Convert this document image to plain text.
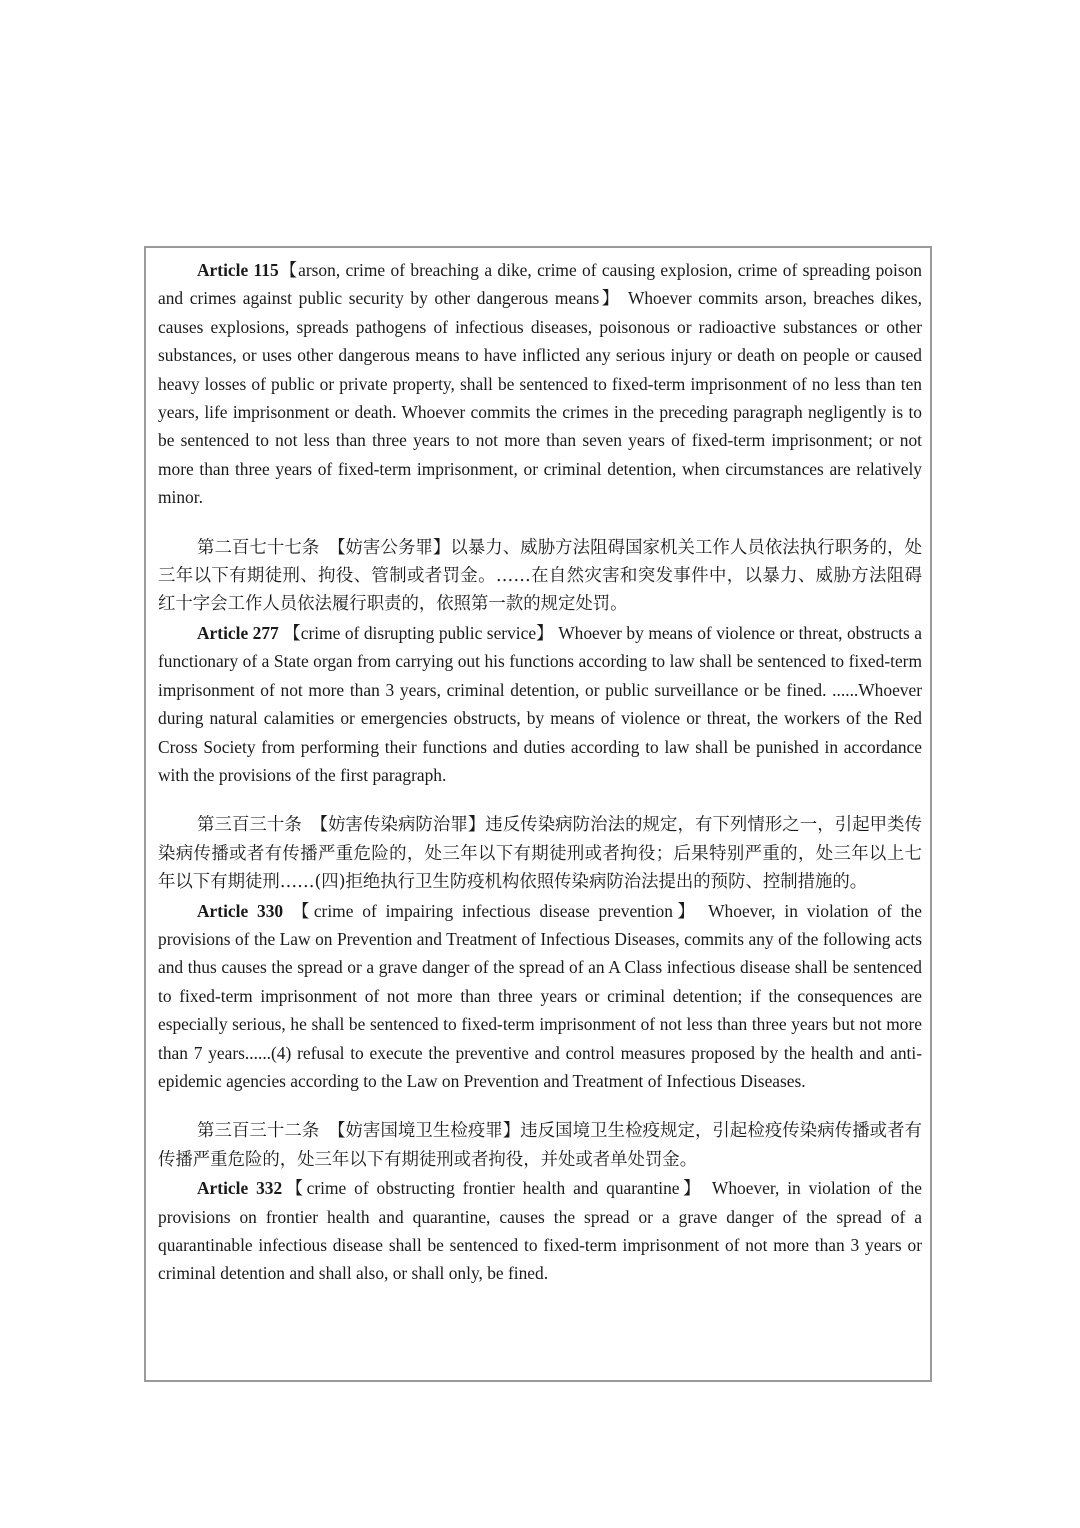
Article 115【arson, crime of breaching a dike, crime of causing explosion, crime of spreading poison and crimes against public security by other dangerous means】 Whoever commits arson, breaches dikes, causes explosions, spreads pathogens of infectious diseases, poisonous or radioactive substances or other substances, or uses other dangerous means to have inflicted any serious injury or death on people or caused heavy losses of public or private property, shall be sentenced to fixed-term imprisonment of no less than ten years, life imprisonment or death. Whoever commits the crimes in the preceding paragraph negligently is to be sentenced to not less than three years to not more than seven years of fixed-term imprisonment; or not more than three years of fixed-term imprisonment, or criminal detention, when circumstances are relatively minor.

第二百七十七条　【妨害公务罪】以暴力、威胁方法阻碍国家机关工作人员依法执行职务的，处三年以下有期徒刑、拘役、管制或者罚金。……在自然灾害和突发事件中，以暴力、威胁方法阻碍红十字会工作人员依法履行职责的，依照第一款的规定处罚。

Article 277 【crime of disrupting public service】 Whoever by means of violence or threat, obstructs a functionary of a State organ from carrying out his functions according to law shall be sentenced to fixed-term imprisonment of not more than 3 years, criminal detention, or public surveillance or be fined. ......Whoever during natural calamities or emergencies obstructs, by means of violence or threat, the workers of the Red Cross Society from performing their functions and duties according to law shall be punished in accordance with the provisions of the first paragraph.

第三百三十条　【妨害传染病防治罪】违反传染病防治法的规定，有下列情形之一，引起甲类传染病传播或者有传播严重危险的，处三年以下有期徒刑或者拘役；后果特别严重的，处三年以上七年以下有期徒刑……(四)拒绝执行卫生防疫机构依照传染病防治法提出的预防、控制措施的。

Article 330 【crime of impairing infectious disease prevention】 Whoever, in violation of the provisions of the Law on Prevention and Treatment of Infectious Diseases, commits any of the following acts and thus causes the spread or a grave danger of the spread of an A Class infectious disease shall be sentenced to fixed-term imprisonment of not more than three years or criminal detention; if the consequences are especially serious, he shall be sentenced to fixed-term imprisonment of not less than three years but not more than 7 years......(4) refusal to execute the preventive and control measures proposed by the health and anti-epidemic agencies according to the Law on Prevention and Treatment of Infectious Diseases.

第三百三十二条　【妨害国境卫生检疫罪】违反国境卫生检疫规定，引起检疫传染病传播或者有传播严重危险的，处三年以下有期徒刑或者拘役，并处或者单处罚金。

Article 332【crime of obstructing frontier health and quarantine】 Whoever, in violation of the provisions on frontier health and quarantine, causes the spread or a grave danger of the spread of a quarantinable infectious disease shall be sentenced to fixed-term imprisonment of not more than 3 years or criminal detention and shall also, or shall only, be fined.
